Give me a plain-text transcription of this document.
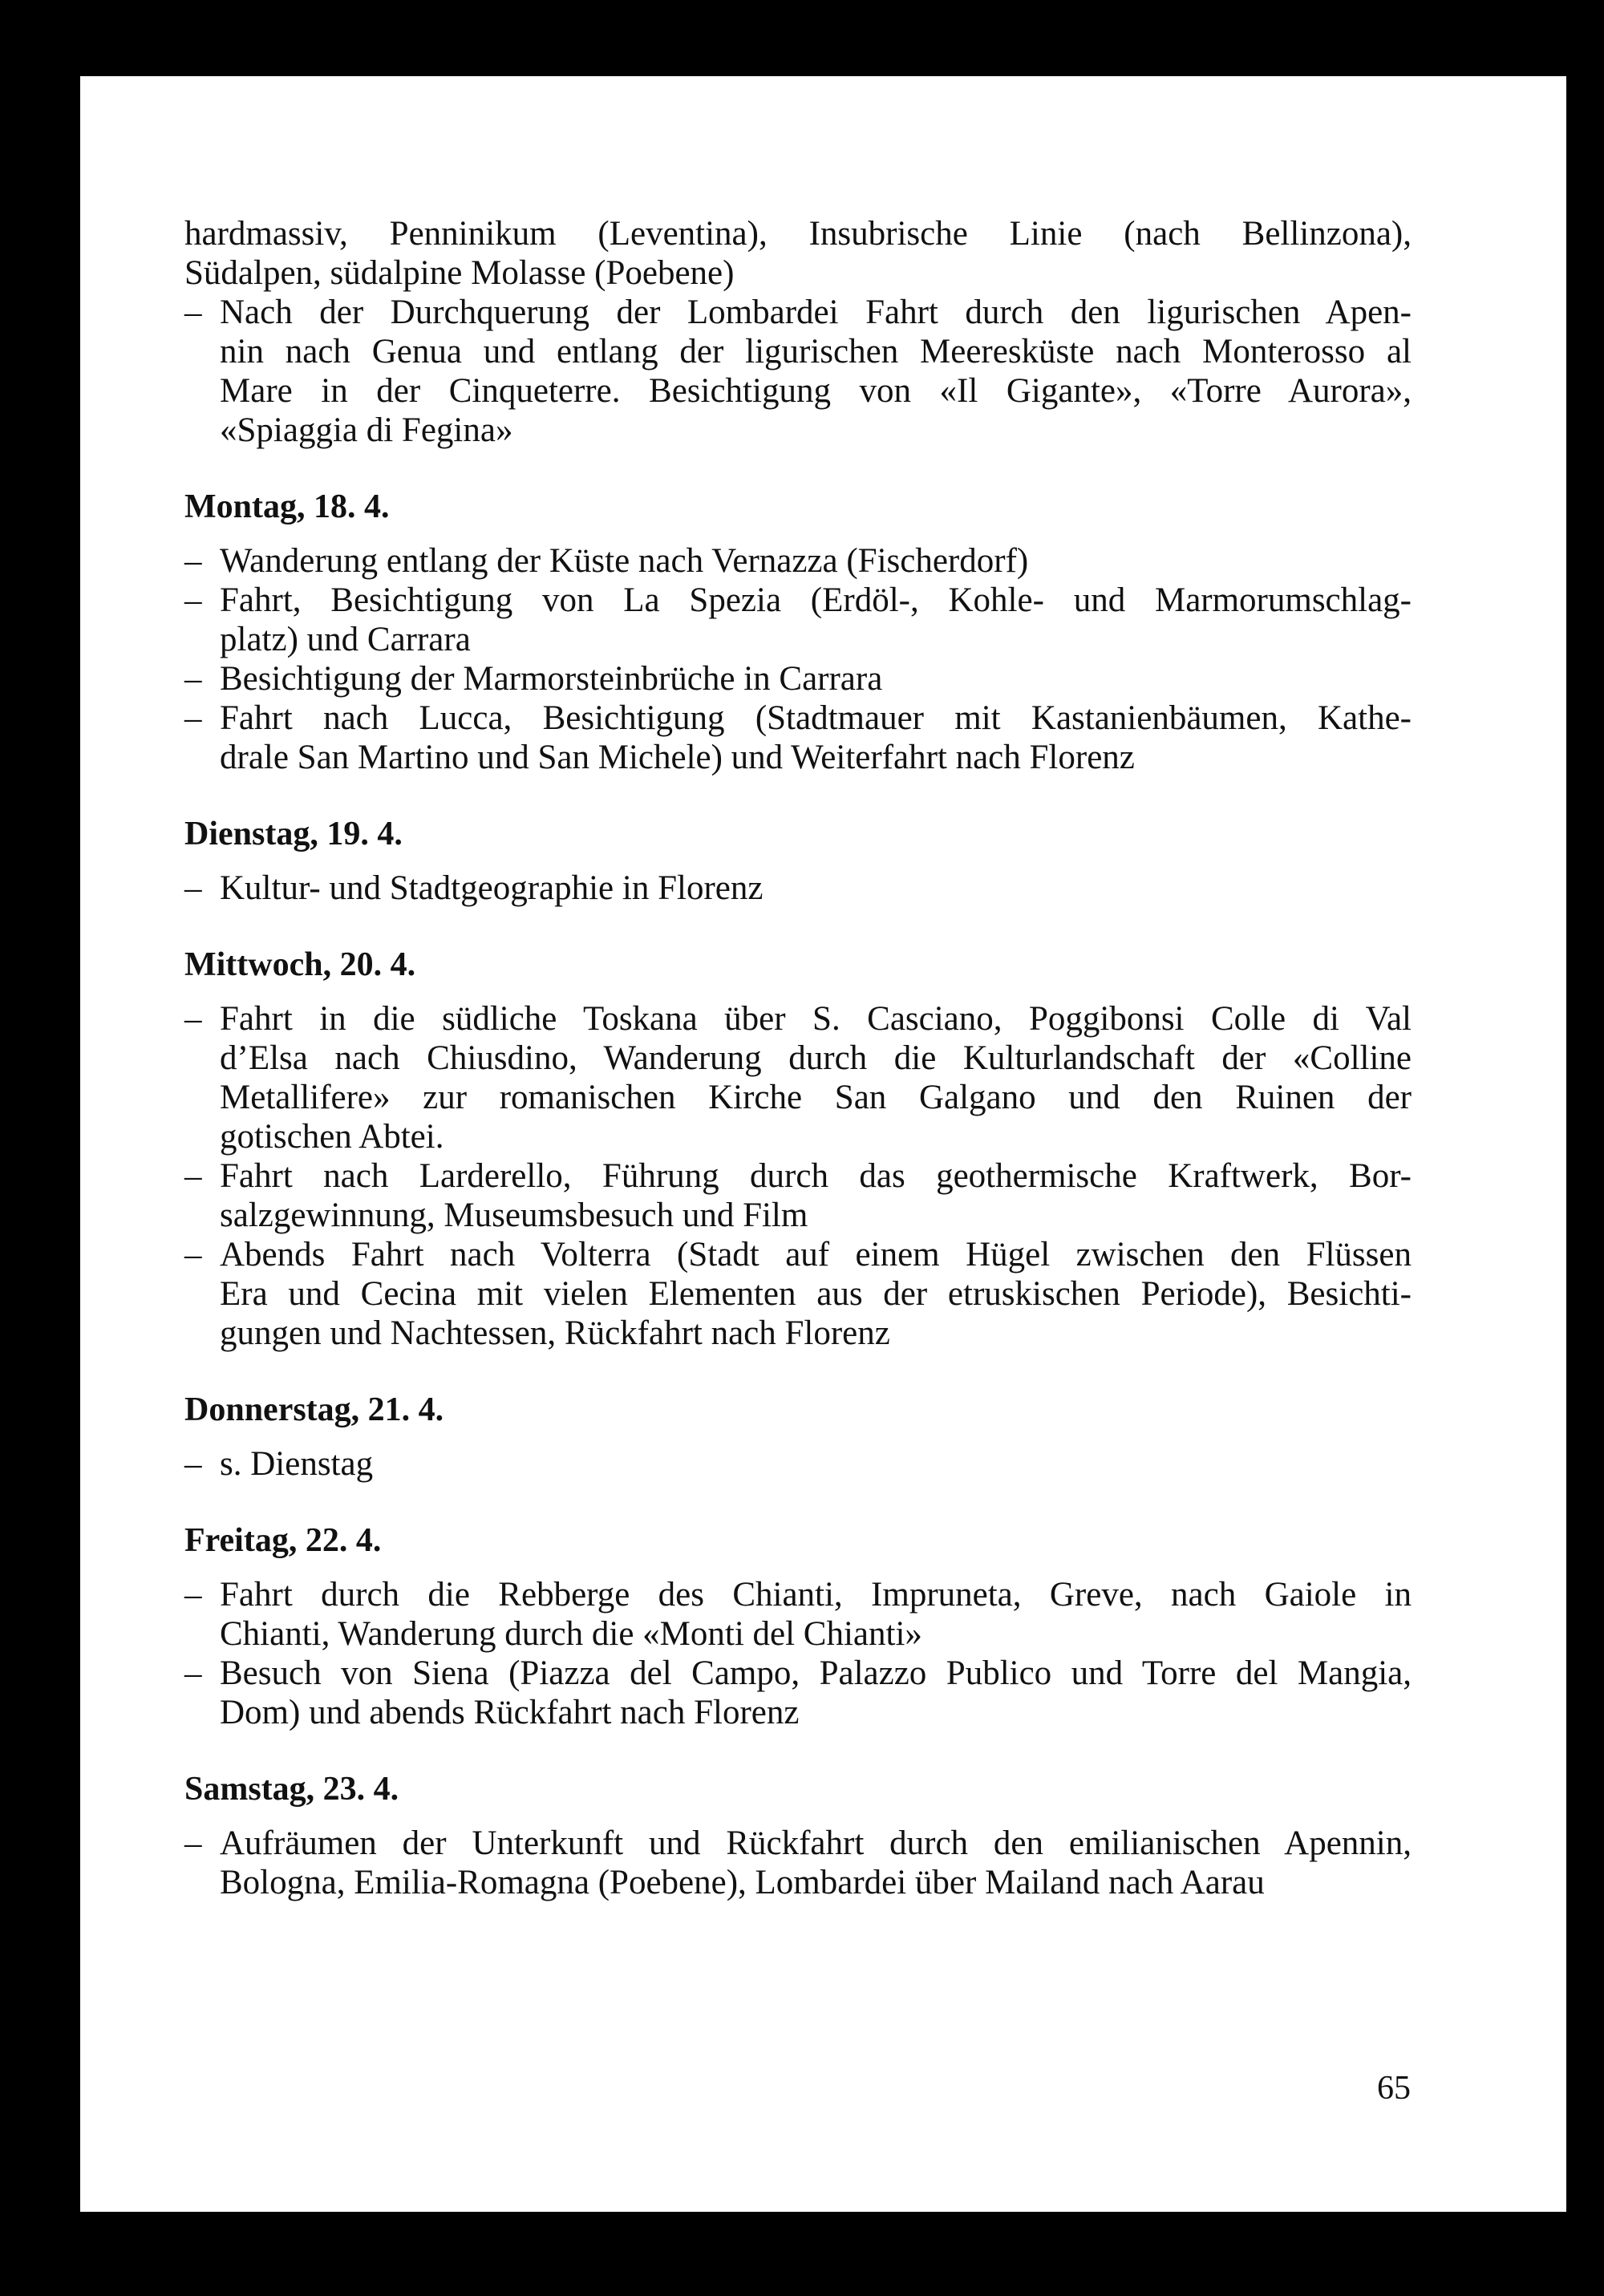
hardmassiv, Penninikum (Leventina), Insubrische Linie (nach Bellinzona),
Südalpen, südalpine Molasse (Poebene)
– Nach der Durchquerung der Lombardei Fahrt durch den ligurischen Apen-
nin nach Genua und entlang der ligurischen Meeresküste nach Monterosso al
Mare in der Cinqueterre. Besichtigung von «Il Gigante», «Torre Aurora»,
«Spiaggia di Fegina»
Montag, 18. 4.
– Wanderung entlang der Küste nach Vernazza (Fischerdorf)
– Fahrt, Besichtigung von La Spezia (Erdöl-, Kohle- und Marmorumschlag-
platz) und Carrara
– Besichtigung der Marmorsteinbrüche in Carrara
– Fahrt nach Lucca, Besichtigung (Stadtmauer mit Kastanienbäumen, Kathe-
drale San Martino und San Michele) und Weiterfahrt nach Florenz
Dienstag, 19. 4.
– Kultur- und Stadtgeographie in Florenz
Mittwoch, 20. 4.
– Fahrt in die südliche Toskana über S. Casciano, Poggibonsi Colle di Val
d’Elsa nach Chiusdino, Wanderung durch die Kulturlandschaft der «Colline
Metallifere» zur romanischen Kirche San Galgano und den Ruinen der
gotischen Abtei.
– Fahrt nach Larderello, Führung durch das geothermische Kraftwerk, Bor-
salzgewinnung, Museumsbesuch und Film
– Abends Fahrt nach Volterra (Stadt auf einem Hügel zwischen den Flüssen
Era und Cecina mit vielen Elementen aus der etruskischen Periode), Besichti-
gungen und Nachtessen, Rückfahrt nach Florenz
Donnerstag, 21. 4.
– s. Dienstag
Freitag, 22. 4.
– Fahrt durch die Rebberge des Chianti, Impruneta, Greve, nach Gaiole in
Chianti, Wanderung durch die «Monti del Chianti»
– Besuch von Siena (Piazza del Campo, Palazzo Publico und Torre del Mangia,
Dom) und abends Rückfahrt nach Florenz
Samstag, 23. 4.
– Aufräumen der Unterkunft und Rückfahrt durch den emilianischen Apennin,
Bologna, Emilia-Romagna (Poebene), Lombardei über Mailand nach Aarau
65
